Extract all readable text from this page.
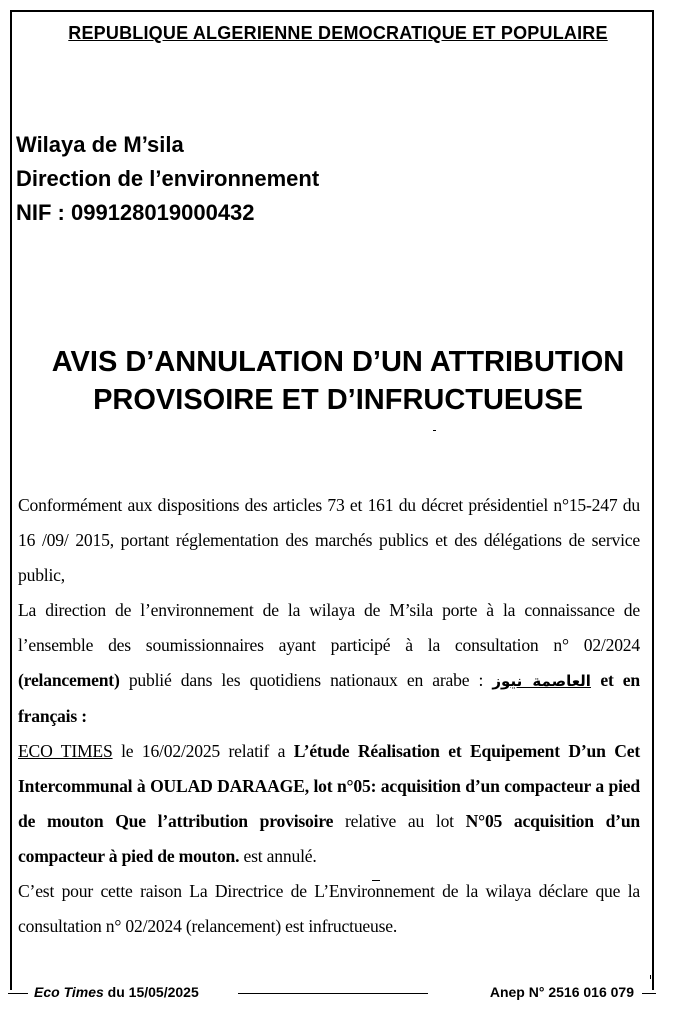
REPUBLIQUE ALGERIENNE DEMOCRATIQUE ET POPULAIRE
Wilaya de M’sila
Direction de l’environnement
NIF : 099128019000432
AVIS D’ANNULATION D’UN ATTRIBUTION
PROVISOIRE ET D’INFRUCTUEUSE

Conformément aux dispositions des articles 73 et 161 du décret présidentiel n°15-247 du 16 /09/ 2015, portant réglementation des marchés publics et des délégations de service public,

La direction de l’environnement de la wilaya de M’sila porte à la connaissance de l’ensemble des soumissionnaires ayant participé à la consultation n° 02/2024 (relancement) publié dans les quotidiens nationaux en arabe : العاصمة نيوز et en français :
ECO TIMES le 16/02/2025 relatif a L’étude Réalisation et Equipement D’un Cet Intercommunal à OULAD DARAAGE, lot n°05: acquisition d’un compacteur a pied de mouton Que l’attribution provisoire relative au lot N°05 acquisition d’un compacteur à pied de mouton. est annulé.

C’est pour cette raison La Directrice de L’Environnement de la wilaya déclare que la consultation n° 02/2024 (relancement) est infructueuse.

Eco Times du 15/05/2025	Anep N° 2516 016 079
